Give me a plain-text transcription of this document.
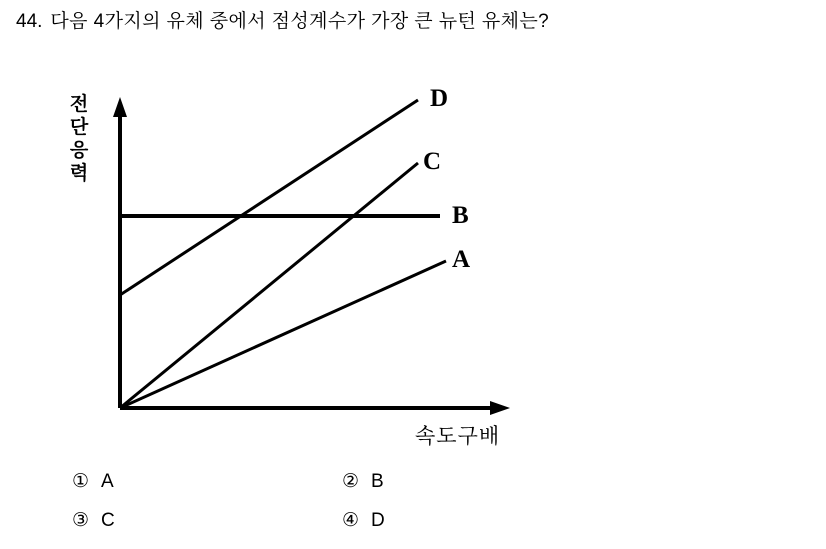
44. 다음 4가지의 유체 중에서 점성계수가 가장 큰 뉴턴 유체는?
전단응력
속도구배
D
C
B
A
① A	② B
③ C	④ D
